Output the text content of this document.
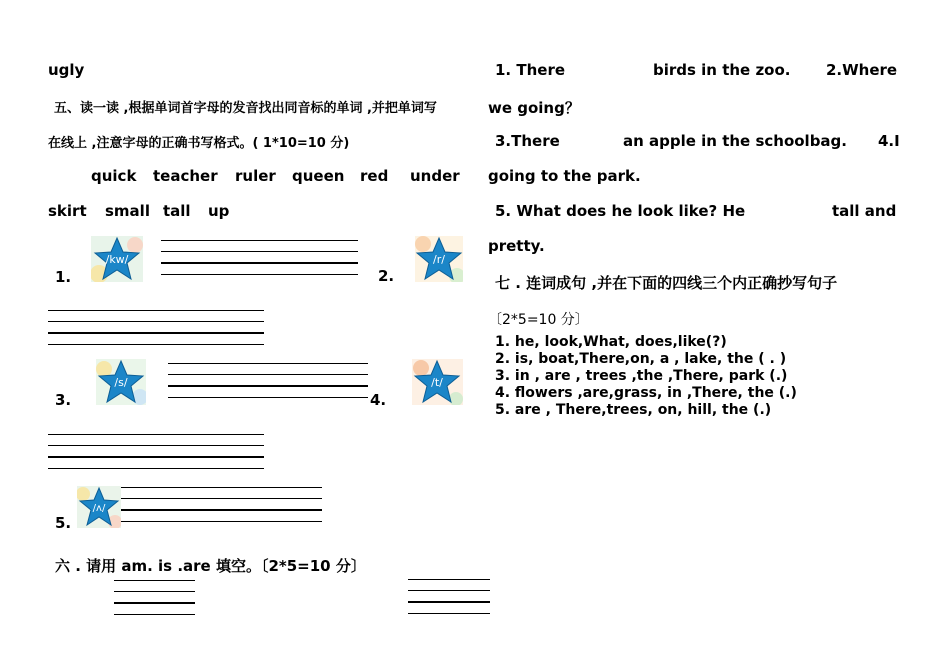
ugly
五、读一读 ,根据单词首字母的发音找出同音标的单词 ,并把单词写
在线上 ,注意字母的正确书写格式。( 1*10=10 分)
quick teacher ruler queen red under
skirt small tall up
1.
/kw/
2.
/r/
3.
/s/
4.
/t/
5.
/ʌ/
六 . 请用 am. is .are 填空。〔2*5=10 分〕
1. There	birds in the zoo. 2.Where
we going？
3.There	an apple in the schoolbag. 4.I
going to the park.
5. What does he look like? He	tall and
pretty.
七 . 连词成句 ,并在下面的四线三个内正确抄写句子
〔2*5=10 分〕
1. he, look,What, does,like(?)
2. is, boat,There,on, a , lake, the ( . )
3. in , are , trees ,the ,There, park (.)
4. flowers ,are,grass, in ,There, the (.)
5. are , There,trees, on, hill, the (.)
